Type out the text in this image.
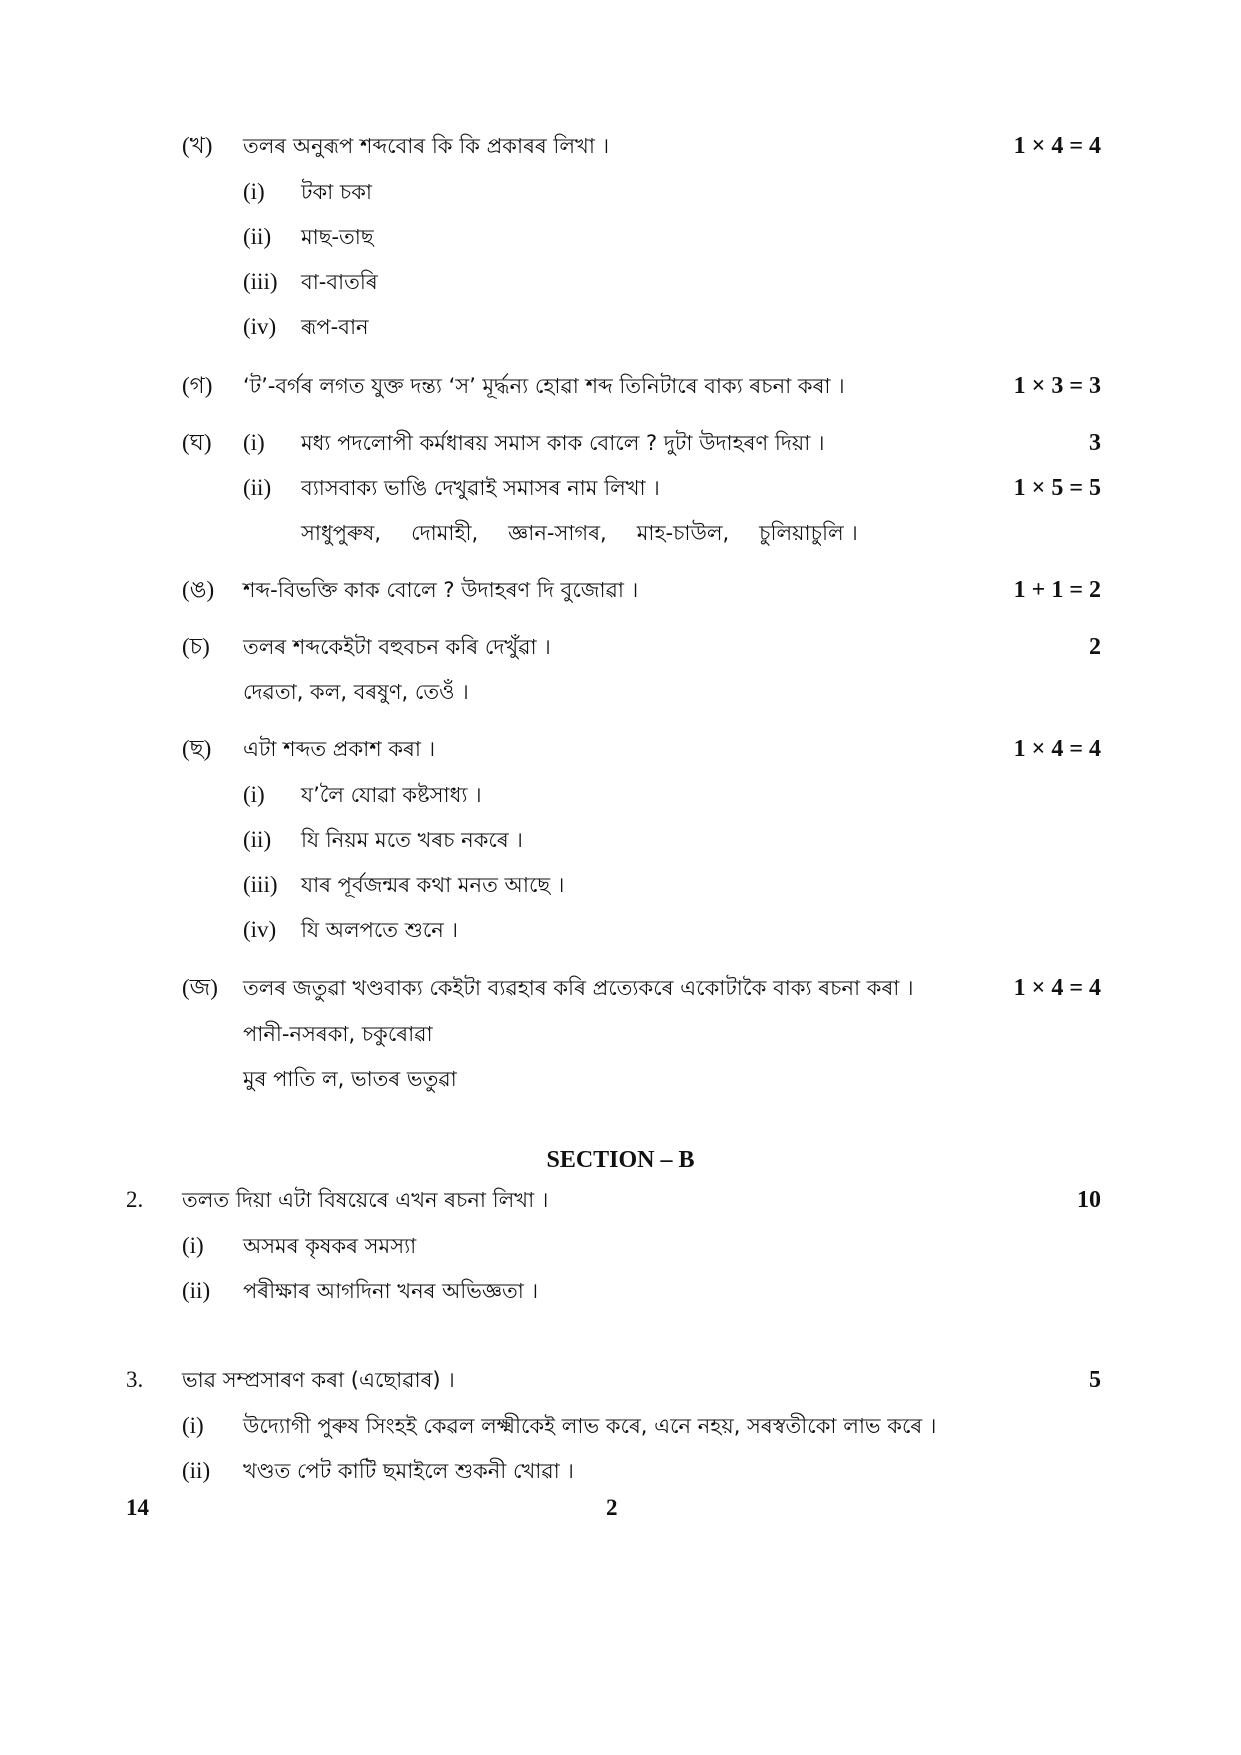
(খ) তলৰ অনুৰূপ শব্দবোৰ কি কি প্ৰকাৰৰ লিখা ।	1 × 4 = 4
(i) টকা চকা
(ii) মাছ-তাছ
(iii) বা-বাতৰি
(iv) ৰূপ-বান
(গ) ‘ট’-বৰ্গৰ লগত যুক্ত দন্ত্য ‘স’ মূৰ্দ্ধন্য হোৱা শব্দ তিনিটাৰে বাক্য ৰচনা কৰা ।	1 × 3 = 3
(ঘ) (i) মধ্য পদলোপী কৰ্মধাৰয় সমাস কাক বোলে ? দুটা উদাহৰণ দিয়া ।	3
(ii) ব্যাসবাক্য ভাঙি দেখুৱাই সমাসৰ নাম লিখা ।	1 × 5 = 5
সাধুপুৰুষ, দোমাহী, জ্ঞান-সাগৰ, মাহ-চাউল, চুলিয়াচুলি ।
(ঙ) শব্দ-বিভক্তি কাক বোলে ? উদাহৰণ দি বুজোৱা ।	1 + 1 = 2
(চ) তলৰ শব্দকেইটা বহুবচন কৰি দেখুঁৱা ।	2
দেৱতা, কল, বৰষুণ, তেওঁ ।
(ছ) এটা শব্দত প্ৰকাশ কৰা ।	1 × 4 = 4
(i) য’লৈ যোৱা কষ্টসাধ্য ।
(ii) যি নিয়ম মতে খৰচ নকৰে ।
(iii) যাৰ পূৰ্বজন্মৰ কথা মনত আছে ।
(iv) যি অলপতে শুনে ।
(জ) তলৰ জতুৱা খণ্ডবাক্য কেইটা ব্যৱহাৰ কৰি প্ৰত্যেকৰে একোটাকৈ বাক্য ৰচনা কৰা ।	1 × 4 = 4
পানী-নসৰকা, চকুৰোৱা
মুৰ পাতি ল, ভাতৰ ভতুৱা
SECTION – B
2. তলত দিয়া এটা বিষয়েৰে এখন ৰচনা লিখা ।	10
(i) অসমৰ কৃষকৰ সমস্যা
(ii) পৰীক্ষাৰ আগদিনা খনৰ অভিজ্ঞতা ।
3. ভাৱ সম্প্ৰসাৰণ কৰা (এছোৱাৰ) ।	5
(i) উদ্যোগী পুৰুষ সিংহই কেৱল লক্ষ্মীকেই লাভ কৰে, এনে নহয়, সৰস্বতীকো লাভ কৰে ।
(ii) খণ্ডত পেট কাটি ছমাইলে শুকনী খোৱা ।
14	2
